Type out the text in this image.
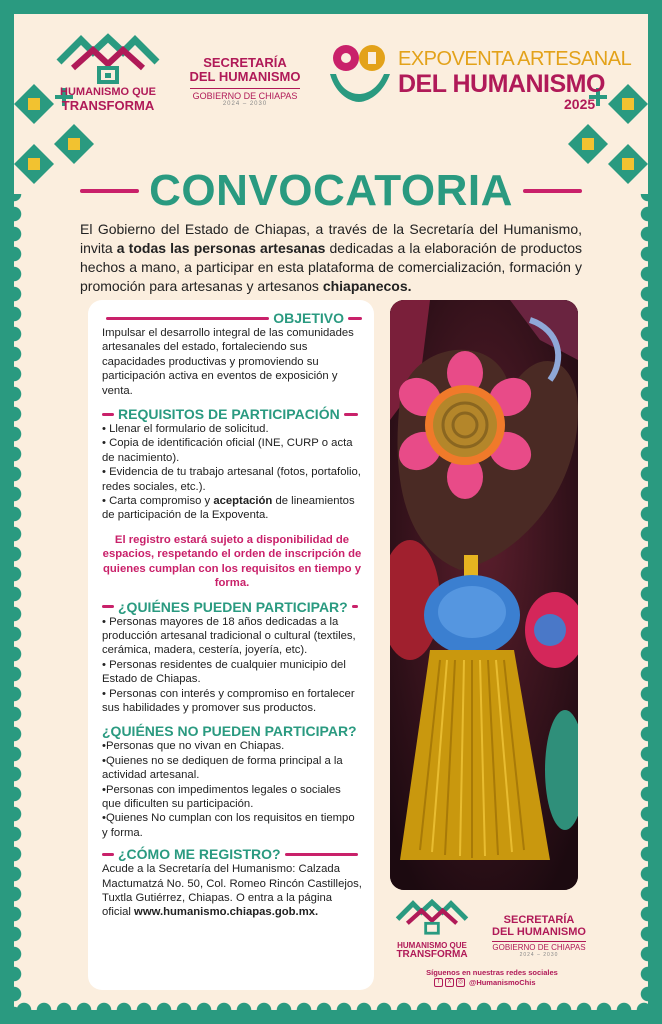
HUMANISMO QUE
TRANSFORMA
SECRETARÍA
DEL HUMANISMO
GOBIERNO DE CHIAPAS
2024 – 2030
EXPOVENTA ARTESANAL
DEL HUMANISMO
2025
CONVOCATORIA
El Gobierno del Estado de Chiapas, a través de la Secretaría del Humanismo, invita a todas las personas artesanas dedicadas a la elaboración de productos hechos a mano, a participar en esta plataforma de comercialización, formación y promoción para artesanas y artesanos chiapanecos.
OBJETIVO
Impulsar el desarrollo integral de las comunidades artesanales del estado, fortaleciendo sus capacidades productivas y promoviendo su participación activa en eventos de exposición y venta.
REQUISITOS DE PARTICIPACIÓN
• Llenar el formulario de solicitud.
• Copia de identificación oficial (INE, CURP o acta de nacimiento).
• Evidencia de tu trabajo artesanal (fotos, portafolio, redes sociales, etc.).
• Carta compromiso y aceptación de lineamientos de participación de la Expoventa.
El registro estará sujeto a disponibilidad de espacios, respetando el orden de inscripción de quienes cumplan con los requisitos en tiempo y forma.
¿QUIÉNES PUEDEN PARTICIPAR?
• Personas mayores de 18 años dedicadas a la producción artesanal tradicional o cultural (textiles, cerámica, madera, cestería, joyería, etc).
• Personas residentes de cualquier municipio del Estado de Chiapas.
• Personas con interés y compromiso en fortalecer sus habilidades y promover sus productos.
¿QUIÉNES NO PUEDEN PARTICIPAR?
•Personas que no vivan en Chiapas.
•Quienes no se dediquen de forma principal a la actividad artesanal.
•Personas con impedimentos legales o sociales que dificulten su participación.
•Quienes No cumplan con los requisitos en tiempo y forma.
¿CÓMO ME REGISTRO?
Acude a la Secretaría del Humanismo: Calzada Mactumatzá No. 50, Col. Romeo Rincón Castillejos, Tuxtla Gutiérrez, Chiapas. O entra a la página oficial www.humanismo.chiapas.gob.mx.
HUMANISMO QUE
TRANSFORMA
SECRETARÍA
DEL HUMANISMO
GOBIERNO DE CHIAPAS
2024 – 2030
Síguenos en nuestras redes sociales
f	X	◎ @HumanismoChis
